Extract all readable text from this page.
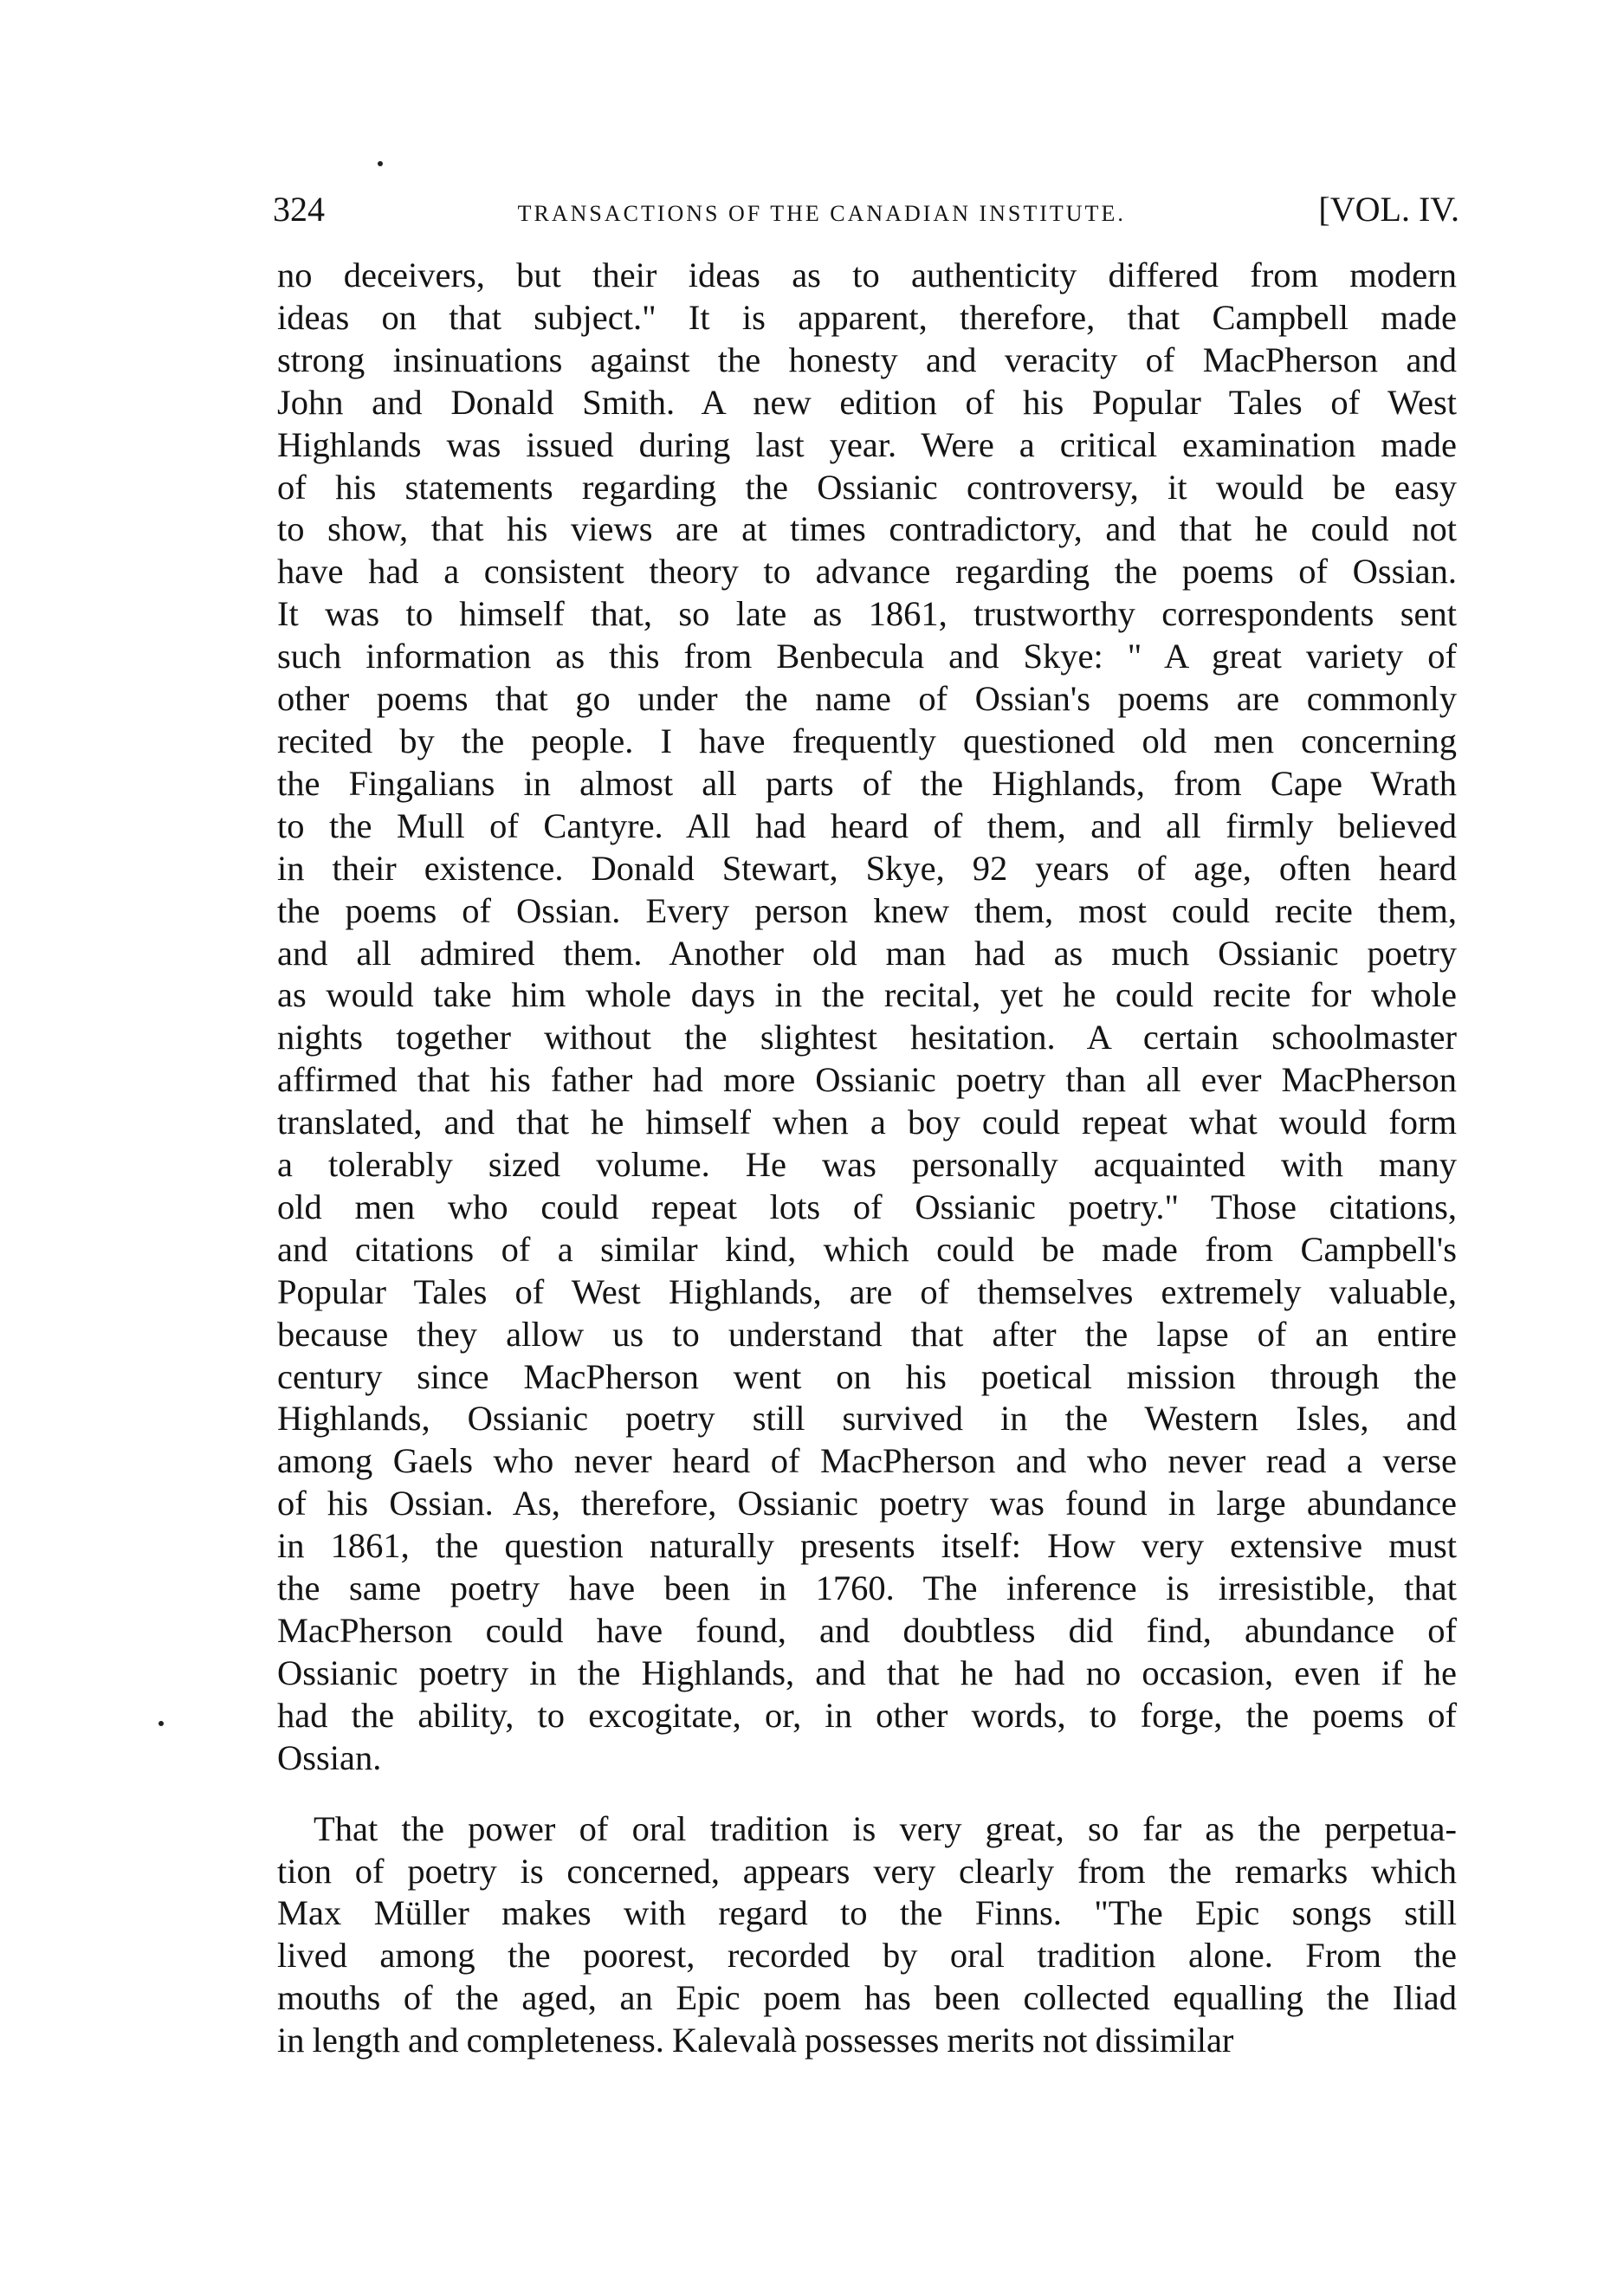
324	TRANSACTIONS OF THE CANADIAN INSTITUTE.	[VOL. IV.

no deceivers, but their ideas as to authenticity differed from modern
ideas on that subject." It is apparent, therefore, that Campbell made
strong insinuations against the honesty and veracity of MacPherson and
John and Donald Smith. A new edition of his Popular Tales of West
Highlands was issued during last year. Were a critical examination made
of his statements regarding the Ossianic controversy, it would be easy
to show, that his views are at times contradictory, and that he could not
have had a consistent theory to advance regarding the poems of Ossian.
It was to himself that, so late as 1861, trustworthy correspondents sent
such information as this from Benbecula and Skye: " A great variety of
other poems that go under the name of Ossian's poems are commonly
recited by the people. I have frequently questioned old men concerning
the Fingalians in almost all parts of the Highlands, from Cape Wrath
to the Mull of Cantyre. All had heard of them, and all firmly believed
in their existence. Donald Stewart, Skye, 92 years of age, often heard
the poems of Ossian. Every person knew them, most could recite them,
and all admired them. Another old man had as much Ossianic poetry
as would take him whole days in the recital, yet he could recite for whole
nights together without the slightest hesitation. A certain schoolmaster
affirmed that his father had more Ossianic poetry than all ever MacPherson
translated, and that he himself when a boy could repeat what would form
a tolerably sized volume. He was personally acquainted with many
old men who could repeat lots of Ossianic poetry." Those citations,
and citations of a similar kind, which could be made from Campbell's
Popular Tales of West Highlands, are of themselves extremely valuable,
because they allow us to understand that after the lapse of an entire
century since MacPherson went on his poetical mission through the
Highlands, Ossianic poetry still survived in the Western Isles, and
among Gaels who never heard of MacPherson and who never read a verse
of his Ossian. As, therefore, Ossianic poetry was found in large abundance
in 1861, the question naturally presents itself: How very extensive must
the same poetry have been in 1760. The inference is irresistible, that
MacPherson could have found, and doubtless did find, abundance of
Ossianic poetry in the Highlands, and that he had no occasion, even if he
had the ability, to excogitate, or, in other words, to forge, the poems of
Ossian.

That the power of oral tradition is very great, so far as the perpetua-
tion of poetry is concerned, appears very clearly from the remarks which
Max Müller makes with regard to the Finns. "The Epic songs still
lived among the poorest, recorded by oral tradition alone. From the
mouths of the aged, an Epic poem has been collected equalling the Iliad
in length and completeness. Kalevalà possesses merits not dissimilar
